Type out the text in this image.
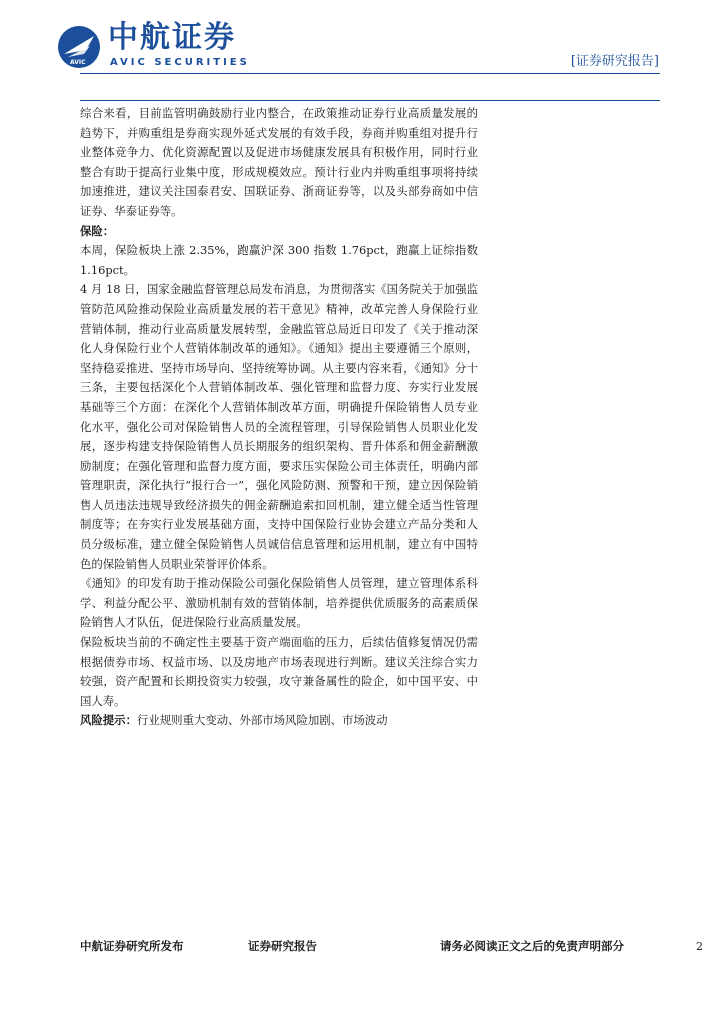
AVIC
中航证券
AVIC SECURITIES	[证券研究报告]

综合来看，目前监管明确鼓励行业内整合，在政策推动证券行业高质量发展的趋势下，并购重组是券商实现外延式发展的有效手段，券商并购重组对提升行业整体竞争力、优化资源配置以及促进市场健康发展具有积极作用，同时行业整合有助于提高行业集中度，形成规模效应。预计行业内并购重组事项将持续加速推进，建议关注国泰君安、国联证券、浙商证券等，以及头部券商如中信证券、华泰证券等。

保险：

本周，保险板块上涨 2.35%，跑赢沪深 300 指数 1.76pct，跑赢上证综指数 1.16pct。

4 月 18 日，国家金融监督管理总局发布消息，为贯彻落实《国务院关于加强监管防范风险推动保险业高质量发展的若干意见》精神，改革完善人身保险行业营销体制，推动行业高质量发展转型，金融监管总局近日印发了《关于推动深化人身保险行业个人营销体制改革的通知》。《通知》提出主要遵循三个原则，坚持稳妥推进、坚持市场导向、坚持统筹协调。从主要内容来看，《通知》分十三条，主要包括深化个人营销体制改革、强化管理和监督力度、夯实行业发展基础等三个方面：在深化个人营销体制改革方面，明确提升保险销售人员专业化水平，强化公司对保险销售人员的全流程管理，引导保险销售人员职业化发展，逐步构建支持保险销售人员长期服务的组织架构、晋升体系和佣金薪酬激励制度；在强化管理和监督力度方面，要求压实保险公司主体责任，明确内部管理职责，深化执行“报行合一”，强化风险防测、预警和干预，建立因保险销售人员违法违规导致经济损失的佣金薪酬追索扣回机制，建立健全适当性管理制度等；在夯实行业发展基础方面，支持中国保险行业协会建立产品分类和人员分级标准，建立健全保险销售人员诚信信息管理和运用机制，建立有中国特色的保险销售人员职业荣誉评价体系。

《通知》的印发有助于推动保险公司强化保险销售人员管理，建立管理体系科学、利益分配公平、激励机制有效的营销体制，培养提供优质服务的高素质保险销售人才队伍，促进保险行业高质量发展。

保险板块当前的不确定性主要基于资产端面临的压力，后续估值修复情况仍需根据债券市场、权益市场、以及房地产市场表现进行判断。建议关注综合实力较强，资产配置和长期投资实力较强，攻守兼备属性的险企，如中国平安、中国人寿。

风险提示：行业规则重大变动、外部市场风险加剧、市场波动

中航证券研究所发布	证券研究报告	请务必阅读正文之后的免责声明部分	2
